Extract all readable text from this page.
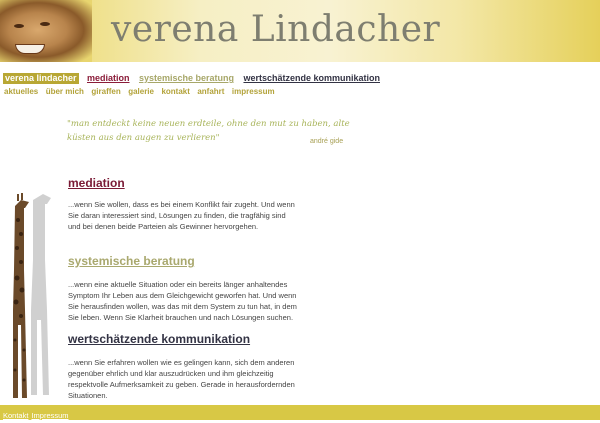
verena Lindacher
verena lindacher mediation systemische beratung wertschätzende kommunikation
aktuelles über mich giraffen galerie kontakt anfahrt impressum
"man entdeckt keine neuen erdteile, ohne den mut zu haben, alte küsten aus den augen zu verlieren"	andré gide
mediation
...wenn Sie wollen, dass es bei einem Konflikt fair zugeht. Und wenn Sie daran interessiert sind, Lösungen zu finden, die tragfähig sind und bei denen beide Parteien als Gewinner hervorgehen.
systemische beratung
...wenn eine aktuelle Situation oder ein bereits länger anhaltendes Symptom Ihr Leben aus dem Gleichgewicht geworfen hat. Und wenn Sie herausfinden wollen, was das mit dem System zu tun hat, in dem Sie leben. Wenn Sie Klarheit brauchen und nach Lösungen suchen.
wertschätzende kommunikation
...wenn Sie erfahren wollen wie es gelingen kann, sich dem anderen gegenüber ehrlich und klar auszudrücken und ihm gleichzeitig respektvolle Aufmerksamkeit zu geben. Gerade in herausfordernden Situationen.
Kontakt Impressum
